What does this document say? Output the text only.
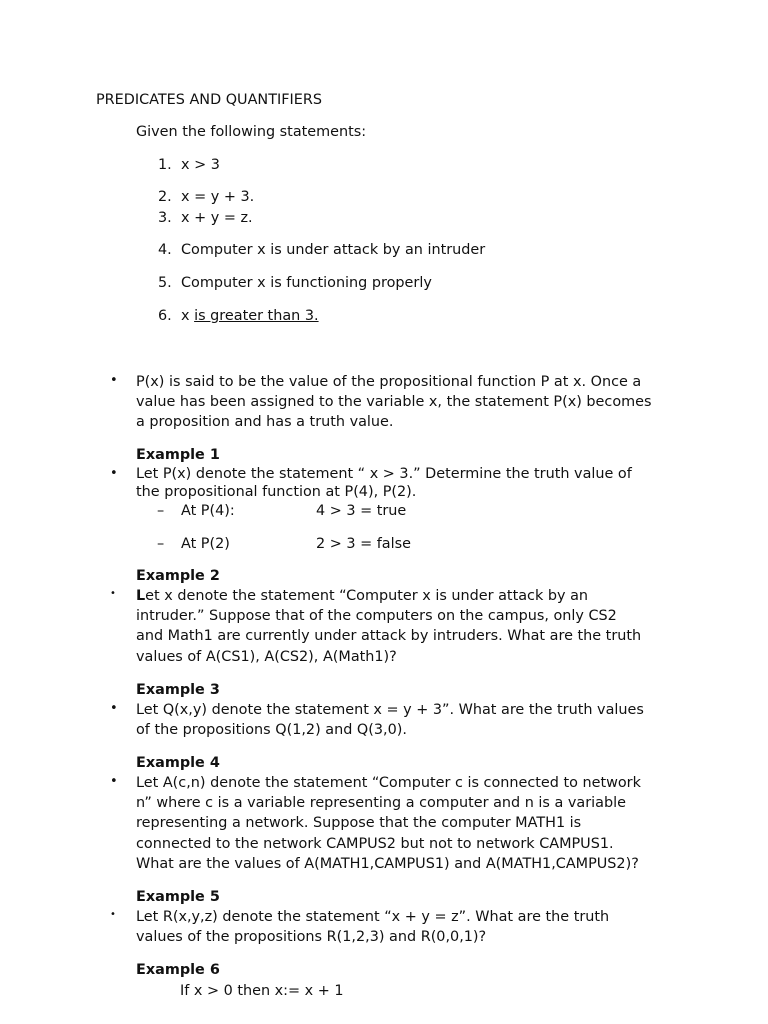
PREDICATES AND QUANTIFIERS
Given the following statements:
1. x > 3
2. x = y + 3.
3. x + y = z.
4. Computer x is under attack by an intruder
5. Computer x is functioning properly
6. x is greater than 3.
• P(x) is said to be the value of the propositional function P at x. Once a
value has been assigned to the variable x, the statement P(x) becomes
a proposition and has a truth value.
Example 1
• Let P(x) denote the statement “ x > 3.” Determine the truth value of
the propositional function at P(4), P(2).
– At P(4):	4 > 3 = true
– At P(2)	2 > 3 = false
Example 2
• Let x denote the statement “Computer x is under attack by an
intruder.” Suppose that of the computers on the campus, only CS2
and Math1 are currently under attack by intruders. What are the truth
values of A(CS1), A(CS2), A(Math1)?
Example 3
• Let Q(x,y) denote the statement x = y + 3”. What are the truth values
of the propositions Q(1,2) and Q(3,0).
Example 4
• Let A(c,n) denote the statement “Computer c is connected to network
n” where c is a variable representing a computer and n is a variable
representing a network. Suppose that the computer MATH1 is
connected to the network CAMPUS2 but not to network CAMPUS1.
What are the values of A(MATH1,CAMPUS1) and A(MATH1,CAMPUS2)?
Example 5
• Let R(x,y,z) denote the statement “x + y = z”. What are the truth
values of the propositions R(1,2,3) and R(0,0,1)?
Example 6
If x > 0 then x:= x + 1
